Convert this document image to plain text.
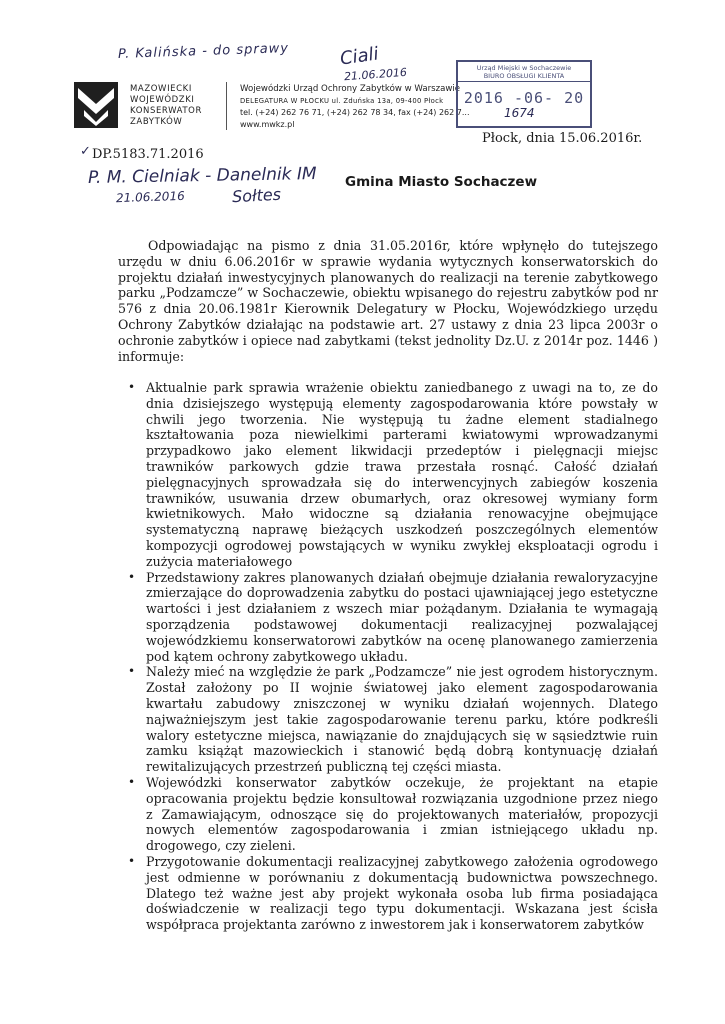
P. Kalińska - do sprawy	Ciali
21.06.2016
MAZOWIECKI
WOJEWÓDZKI
KONSERWATOR
ZABYTKÓW
Wojewódzki Urząd Ochrony Zabytków w Warszawie
DELEGATURA W PŁOCKU ul. Zduńska 13a, 09-400 Płock
tel. (+24) 262 76 71, (+24) 262 78 34, fax (+24) 262 7...
www.mwkz.pl
Urząd Miejski w Sochaczewie
BIURO OBSŁUGI KLIENTA
2016 -06- 20
1674
Płock, dnia 15.06.2016r.
✓ DP.5183.71.2016
P. M. Cielniak - Danelnik IM
21.06.2016	Sołtes
Gmina Miasto Sochaczew

Odpowiadając na pismo z dnia 31.05.2016r, które wpłynęło do tutejszego urzędu w dniu 6.06.2016r w sprawie wydania wytycznych konserwatorskich do projektu działań inwestycyjnych planowanych do realizacji na terenie zabytkowego parku „Podzamcze” w Sochaczewie, obiektu wpisanego do rejestru zabytków pod nr 576 z dnia 20.06.1981r Kierownik Delegatury w Płocku, Wojewódzkiego urzędu Ochrony Zabytków działając na podstawie art. 27 ustawy z dnia 23 lipca 2003r o ochronie zabytków i opiece nad zabytkami (tekst jednolity Dz.U. z 2014r poz. 1446 ) informuje:

• Aktualnie park sprawia wrażenie obiektu zaniedbanego z uwagi na to, ze do dnia dzisiejszego występują elementy zagospodarowania które powstały w chwili jego tworzenia. Nie występują tu żadne element stadialnego kształtowania poza niewielkimi parterami kwiatowymi wprowadzanymi przypadkowo jako element likwidacji przedeptów i pielęgnacji miejsc trawników parkowych gdzie trawa przestała rosnąć. Całość działań pielęgnacyjnych sprowadzała się do interwencyjnych zabiegów koszenia trawników, usuwania drzew obumarłych, oraz okresowej wymiany form kwietnikowych. Mało widoczne są działania renowacyjne obejmujące systematyczną naprawę bieżących uszkodzeń poszczególnych elementów kompozycji ogrodowej powstających w wyniku zwykłej eksploatacji ogrodu i zużycia materiałowego
• Przedstawiony zakres planowanych działań obejmuje działania rewaloryzacyjne zmierzające do doprowadzenia zabytku do postaci ujawniającej jego estetyczne wartości i jest działaniem z wszech miar pożądanym. Działania te wymagają sporządzenia podstawowej dokumentacji realizacyjnej pozwalającej wojewódzkiemu konserwatorowi zabytków na ocenę planowanego zamierzenia pod kątem ochrony zabytkowego układu.
• Należy mieć na względzie że park „Podzamcze” nie jest ogrodem historycznym. Został założony po II wojnie światowej jako element zagospodarowania kwartału zabudowy zniszczonej w wyniku działań wojennych. Dlatego najważniejszym jest takie zagospodarowanie terenu parku, które podkreśli walory estetyczne miejsca, nawiązanie do znajdujących się w sąsiedztwie ruin zamku książąt mazowieckich i stanowić będą dobrą kontynuację działań rewitalizujących przestrzeń publiczną tej części miasta.
• Wojewódzki konserwator zabytków oczekuje, że projektant na etapie opracowania projektu będzie konsultował rozwiązania uzgodnione przez niego z Zamawiającym, odnoszące się do projektowanych materiałów, propozycji nowych elementów zagospodarowania i zmian istniejącego układu np. drogowego, czy zieleni.
• Przygotowanie dokumentacji realizacyjnej zabytkowego założenia ogrodowego jest odmienne w porównaniu z dokumentacją budownictwa powszechnego. Dlatego też ważne jest aby projekt wykonała osoba lub firma posiadająca doświadczenie w realizacji tego typu dokumentacji. Wskazana jest ścisła współpraca projektanta zarówno z inwestorem jak i konserwatorem zabytków
